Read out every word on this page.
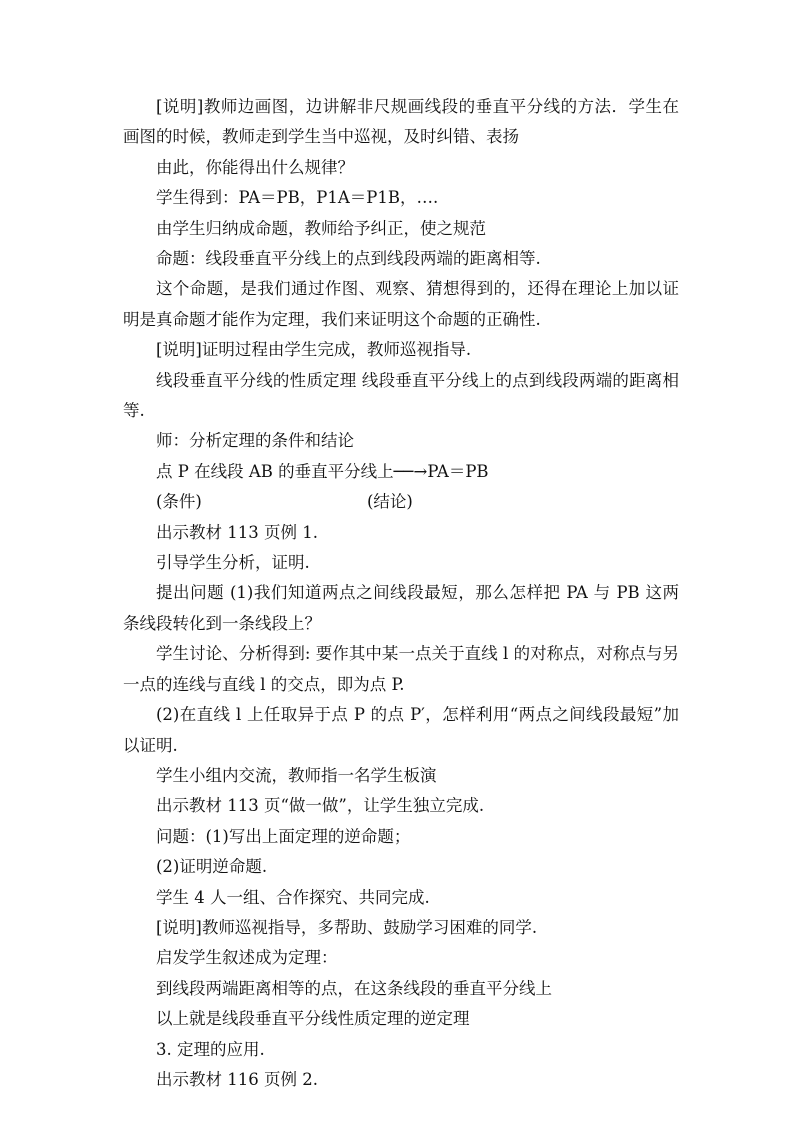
[说明]教师边画图，边讲解非尺规画线段的垂直平分线的方法．学生在画图的时候，教师走到学生当中巡视，及时纠错、表扬

由此，你能得出什么规律？

学生得到：PA＝PB，P1A＝P1B，….

由学生归纳成命题，教师给予纠正，使之规范

命题：线段垂直平分线上的点到线段两端的距离相等.

这个命题，是我们通过作图、观察、猜想得到的，还得在理论上加以证明是真命题才能作为定理，我们来证明这个命题的正确性.

[说明]证明过程由学生完成，教师巡视指导.

线段垂直平分线的性质定理 线段垂直平分线上的点到线段两端的距离相等.

师：分析定理的条件和结论

点 P 在线段 AB 的垂直平分线上──→PA＝PB

(条件)	(结论)

出示教材 113 页例 1.

引导学生分析，证明.

提出问题 (1)我们知道两点之间线段最短，那么怎样把 PA 与 PB 这两条线段转化到一条线段上？

学生讨论、分析得到: 要作其中某一点关于直线 l 的对称点，对称点与另一点的连线与直线 l 的交点，即为点 P.

(2)在直线 l 上任取异于点 P 的点 P′，怎样利用“两点之间线段最短”加以证明.

学生小组内交流，教师指一名学生板演

出示教材 113 页“做一做”，让学生独立完成.

问题：(1)写出上面定理的逆命题；

(2)证明逆命题.

学生 4 人一组、合作探究、共同完成.

[说明]教师巡视指导，多帮助、鼓励学习困难的同学.

启发学生叙述成为定理：

到线段两端距离相等的点，在这条线段的垂直平分线上

以上就是线段垂直平分线性质定理的逆定理

3. 定理的应用.

出示教材 116 页例 2.
